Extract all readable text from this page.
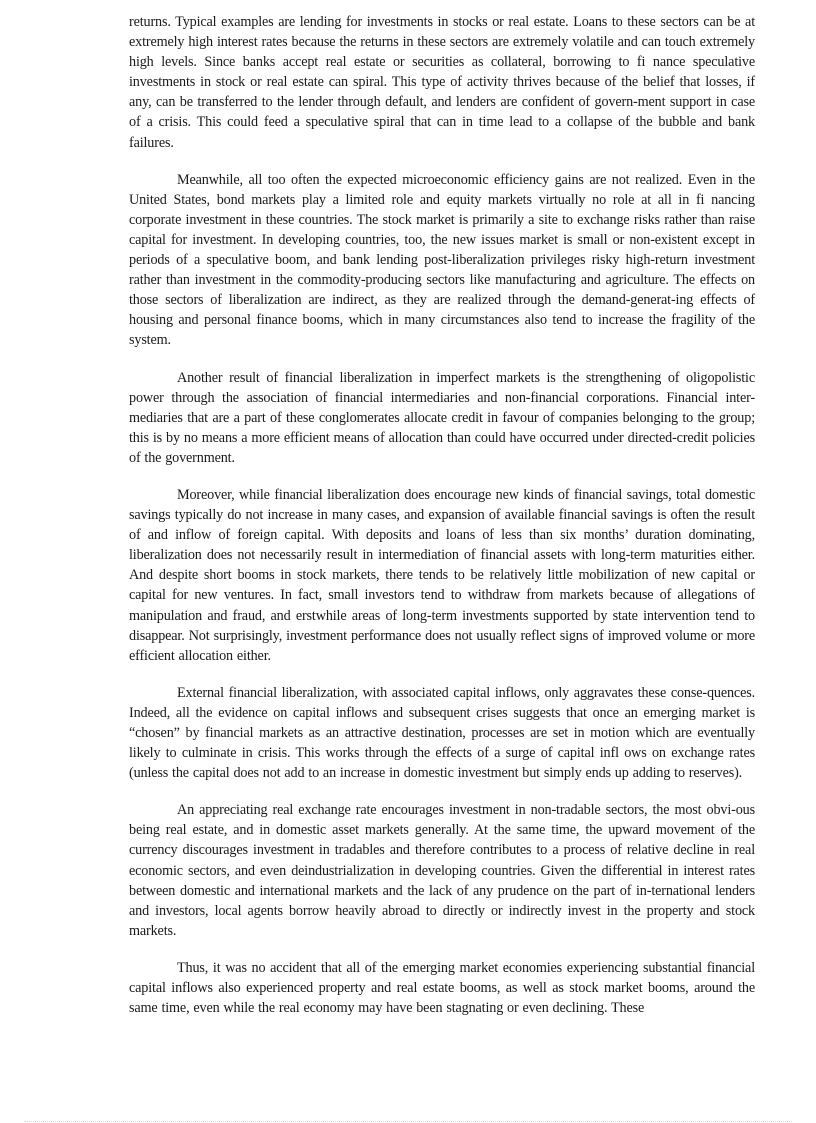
returns. Typical examples are lending for investments in stocks or real estate. Loans to these sectors can be at extremely high interest rates because the returns in these sectors are extremely volatile and can touch extremely high levels. Since banks accept real estate or securities as collateral, borrowing to fi nance speculative investments in stock or real estate can spiral. This type of activity thrives because of the belief that losses, if any, can be transferred to the lender through default, and lenders are confident of govern-ment support in case of a crisis. This could feed a speculative spiral that can in time lead to a collapse of the bubble and bank failures.

Meanwhile, all too often the expected microeconomic efficiency gains are not realized. Even in the United States, bond markets play a limited role and equity markets virtually no role at all in fi nancing corporate investment in these countries. The stock market is primarily a site to exchange risks rather than raise capital for investment. In developing countries, too, the new issues market is small or non-existent except in periods of a speculative boom, and bank lending post-liberalization privileges risky high-return investment rather than investment in the commodity-producing sectors like manufacturing and agriculture. The effects on those sectors of liberalization are indirect, as they are realized through the demand-generat-ing effects of housing and personal finance booms, which in many circumstances also tend to increase the fragility of the system.

Another result of financial liberalization in imperfect markets is the strengthening of oligopolistic power through the association of financial intermediaries and non-financial corporations. Financial inter-mediaries that are a part of these conglomerates allocate credit in favour of companies belonging to the group; this is by no means a more efficient means of allocation than could have occurred under directed-credit policies of the government.

Moreover, while financial liberalization does encourage new kinds of financial savings, total domestic savings typically do not increase in many cases, and expansion of available financial savings is often the result of and inflow of foreign capital. With deposits and loans of less than six months’ duration dominating, liberalization does not necessarily result in intermediation of financial assets with long-term maturities either. And despite short booms in stock markets, there tends to be relatively little mobilization of new capital or capital for new ventures. In fact, small investors tend to withdraw from markets because of allegations of manipulation and fraud, and erstwhile areas of long-term investments supported by state intervention tend to disappear. Not surprisingly, investment performance does not usually reflect signs of improved volume or more efficient allocation either.

External financial liberalization, with associated capital inflows, only aggravates these conse-quences. Indeed, all the evidence on capital inflows and subsequent crises suggests that once an emerging market is “chosen” by financial markets as an attractive destination, processes are set in motion which are eventually likely to culminate in crisis. This works through the effects of a surge of capital infl ows on exchange rates (unless the capital does not add to an increase in domestic investment but simply ends up adding to reserves).

An appreciating real exchange rate encourages investment in non-tradable sectors, the most obvi-ous being real estate, and in domestic asset markets generally. At the same time, the upward movement of the currency discourages investment in tradables and therefore contributes to a process of relative decline in real economic sectors, and even deindustrialization in developing countries. Given the differential in interest rates between domestic and international markets and the lack of any prudence on the part of in-ternational lenders and investors, local agents borrow heavily abroad to directly or indirectly invest in the property and stock markets.

Thus, it was no accident that all of the emerging market economies experiencing substantial financial capital inflows also experienced property and real estate booms, as well as stock market booms, around the same time, even while the real economy may have been stagnating or even declining. These
